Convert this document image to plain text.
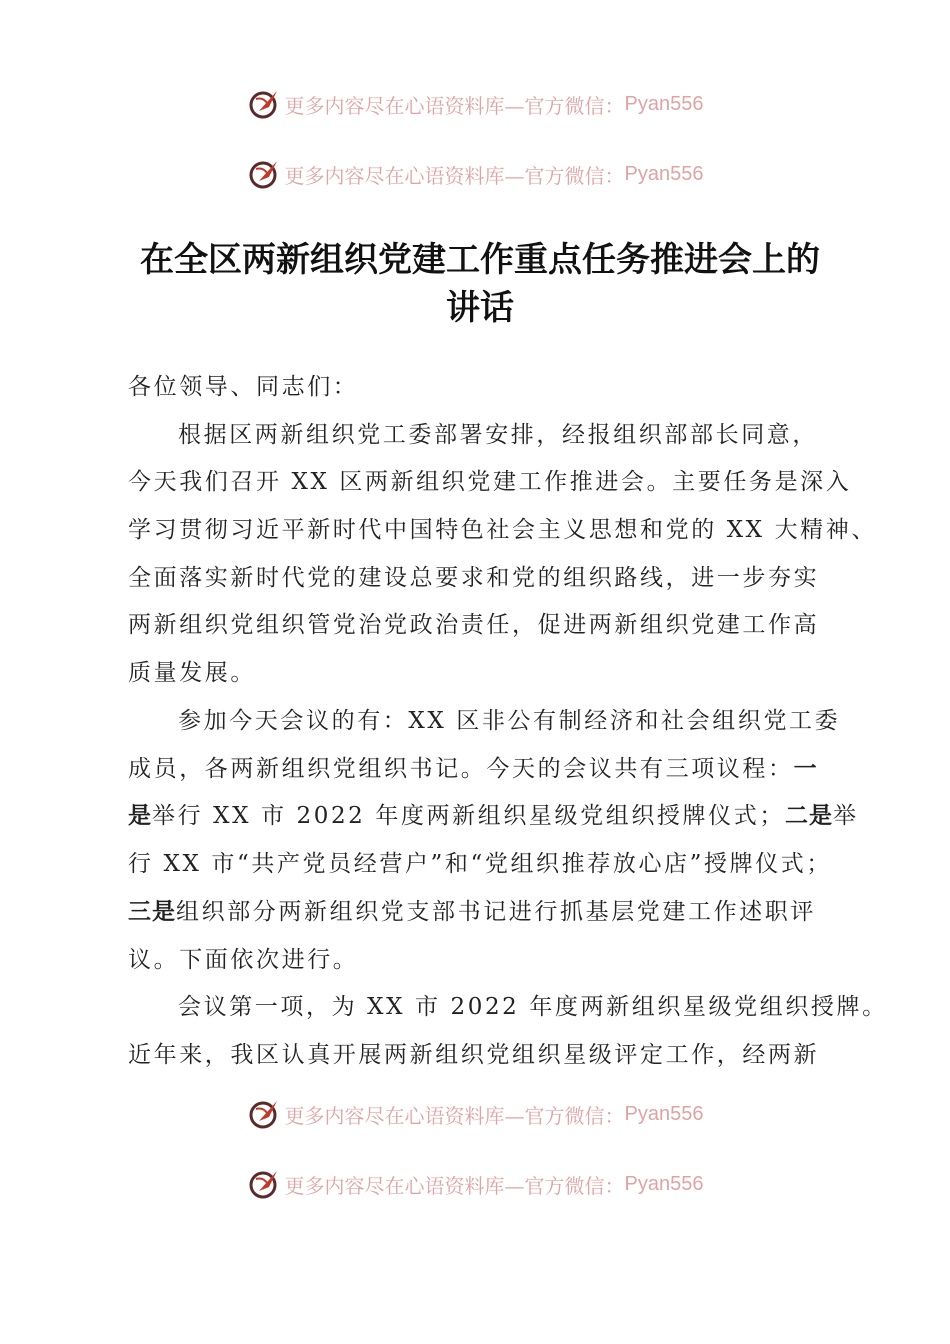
更多内容尽在心语资料库—官方微信： Pyan556
更多内容尽在心语资料库—官方微信： Pyan556
在全区两新组织党建工作重点任务推进会上的
讲话
各位领导、同志们：
根据区两新组织党工委部署安排，经报组织部部长同意，
今天我们召开 XX 区两新组织党建工作推进会。主要任务是深入
学习贯彻习近平新时代中国特色社会主义思想和党的 XX 大精神、
全面落实新时代党的建设总要求和党的组织路线，进一步夯实
两新组织党组织管党治党政治责任，促进两新组织党建工作高
质量发展。
参加今天会议的有：XX 区非公有制经济和社会组织党工委
成员，各两新组织党组织书记。今天的会议共有三项议程：一
是举行 XX 市 2022 年度两新组织星级党组织授牌仪式；二是举
行 XX 市“共产党员经营户”和“党组织推荐放心店”授牌仪式；
三是组织部分两新组织党支部书记进行抓基层党建工作述职评
议。下面依次进行。
会议第一项，为 XX 市 2022 年度两新组织星级党组织授牌。
近年来，我区认真开展两新组织党组织星级评定工作，经两新
更多内容尽在心语资料库—官方微信： Pyan556
更多内容尽在心语资料库—官方微信： Pyan556
